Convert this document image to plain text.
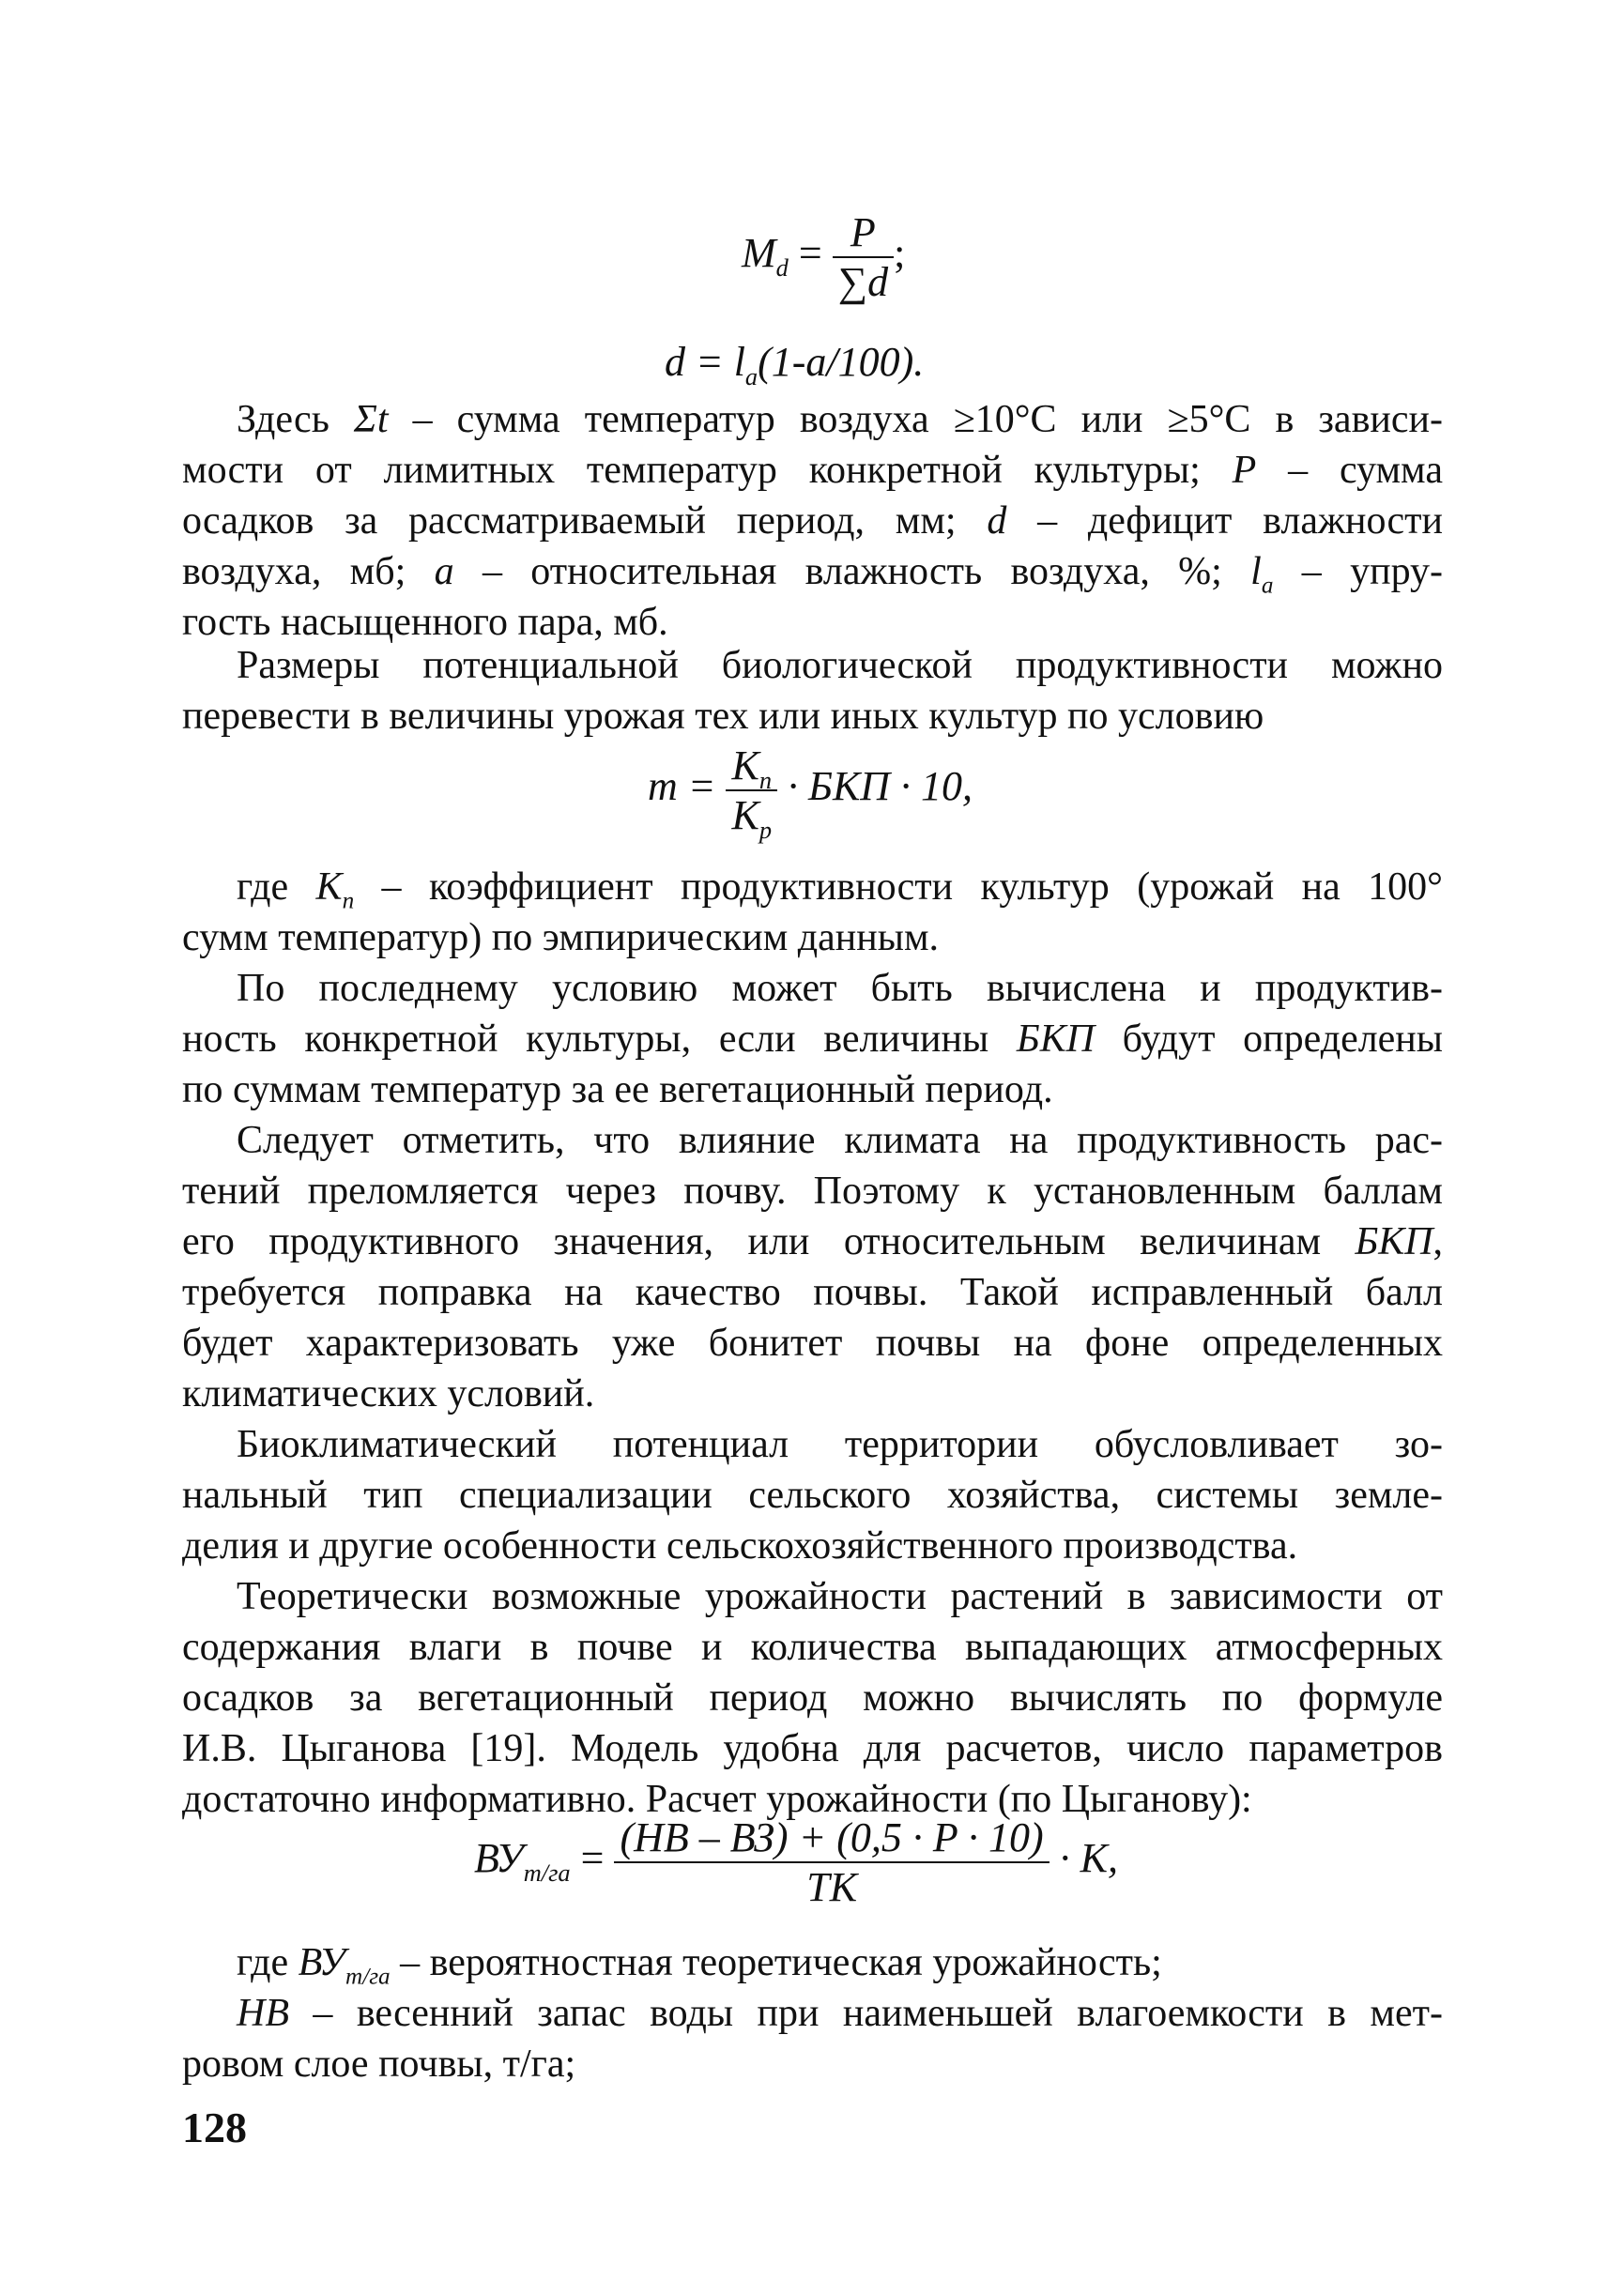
$M_d = \frac{P}{\sum d}$ ;
$d = l_a(1-a/100)$.
Здесь Σt – сумма температур воздуха ≥10°С или ≥5°С в зависи-
мости от лимитных температур конкретной культуры; P – сумма
осадков за рассматриваемый период, мм; d – дефицит влажности
воздуха, мб; a – относительная влажность воздуха, %; $l_a$ – упру-
гость насыщенного пара, мб.
Размеры потенциальной биологической продуктивности можно
перевести в величины урожая тех или иных культур по условию
$m = \frac{K_п}{K_р}$ · БКП · 10,
где $K_п$ – коэффициент продуктивности культур (урожай на 100°
сумм температур) по эмпирическим данным.
По последнему условию может быть вычислена и продуктив-
ность конкретной культуры, если величины БКП будут определены
по суммам температур за ее вегетационный период.
Следует отметить, что влияние климата на продуктивность рас-
тений преломляется через почву. Поэтому к установленным баллам
его продуктивного значения, или относительным величинам БКП,
требуется поправка на качество почвы. Такой исправленный балл
будет характеризовать уже бонитет почвы на фоне определенных
климатических условий.
Биоклиматический потенциал территории обусловливает зо-
нальный тип специализации сельского хозяйства, системы земле-
делия и другие особенности сельскохозяйственного производства.
Теоретически возможные урожайности растений в зависимости от
содержания влаги в почве и количества выпадающих атмосферных
осадков за вегетационный период можно вычислять по формуле
И.В. Цыганова [19]. Модель удобна для расчетов, число параметров
достаточно информативно. Расчет урожайности (по Цыганову):
$ВУ_{т/га} = \frac{(НВ - ВЗ) + (0,5 \cdot P \cdot 10)}{ТК} \cdot K$,
где $ВУ_{т/га}$ – вероятностная теоретическая урожайность;
НВ – весенний запас воды при наименьшей влагоемкости в мет-
ровом слое почвы, т/га;
128
